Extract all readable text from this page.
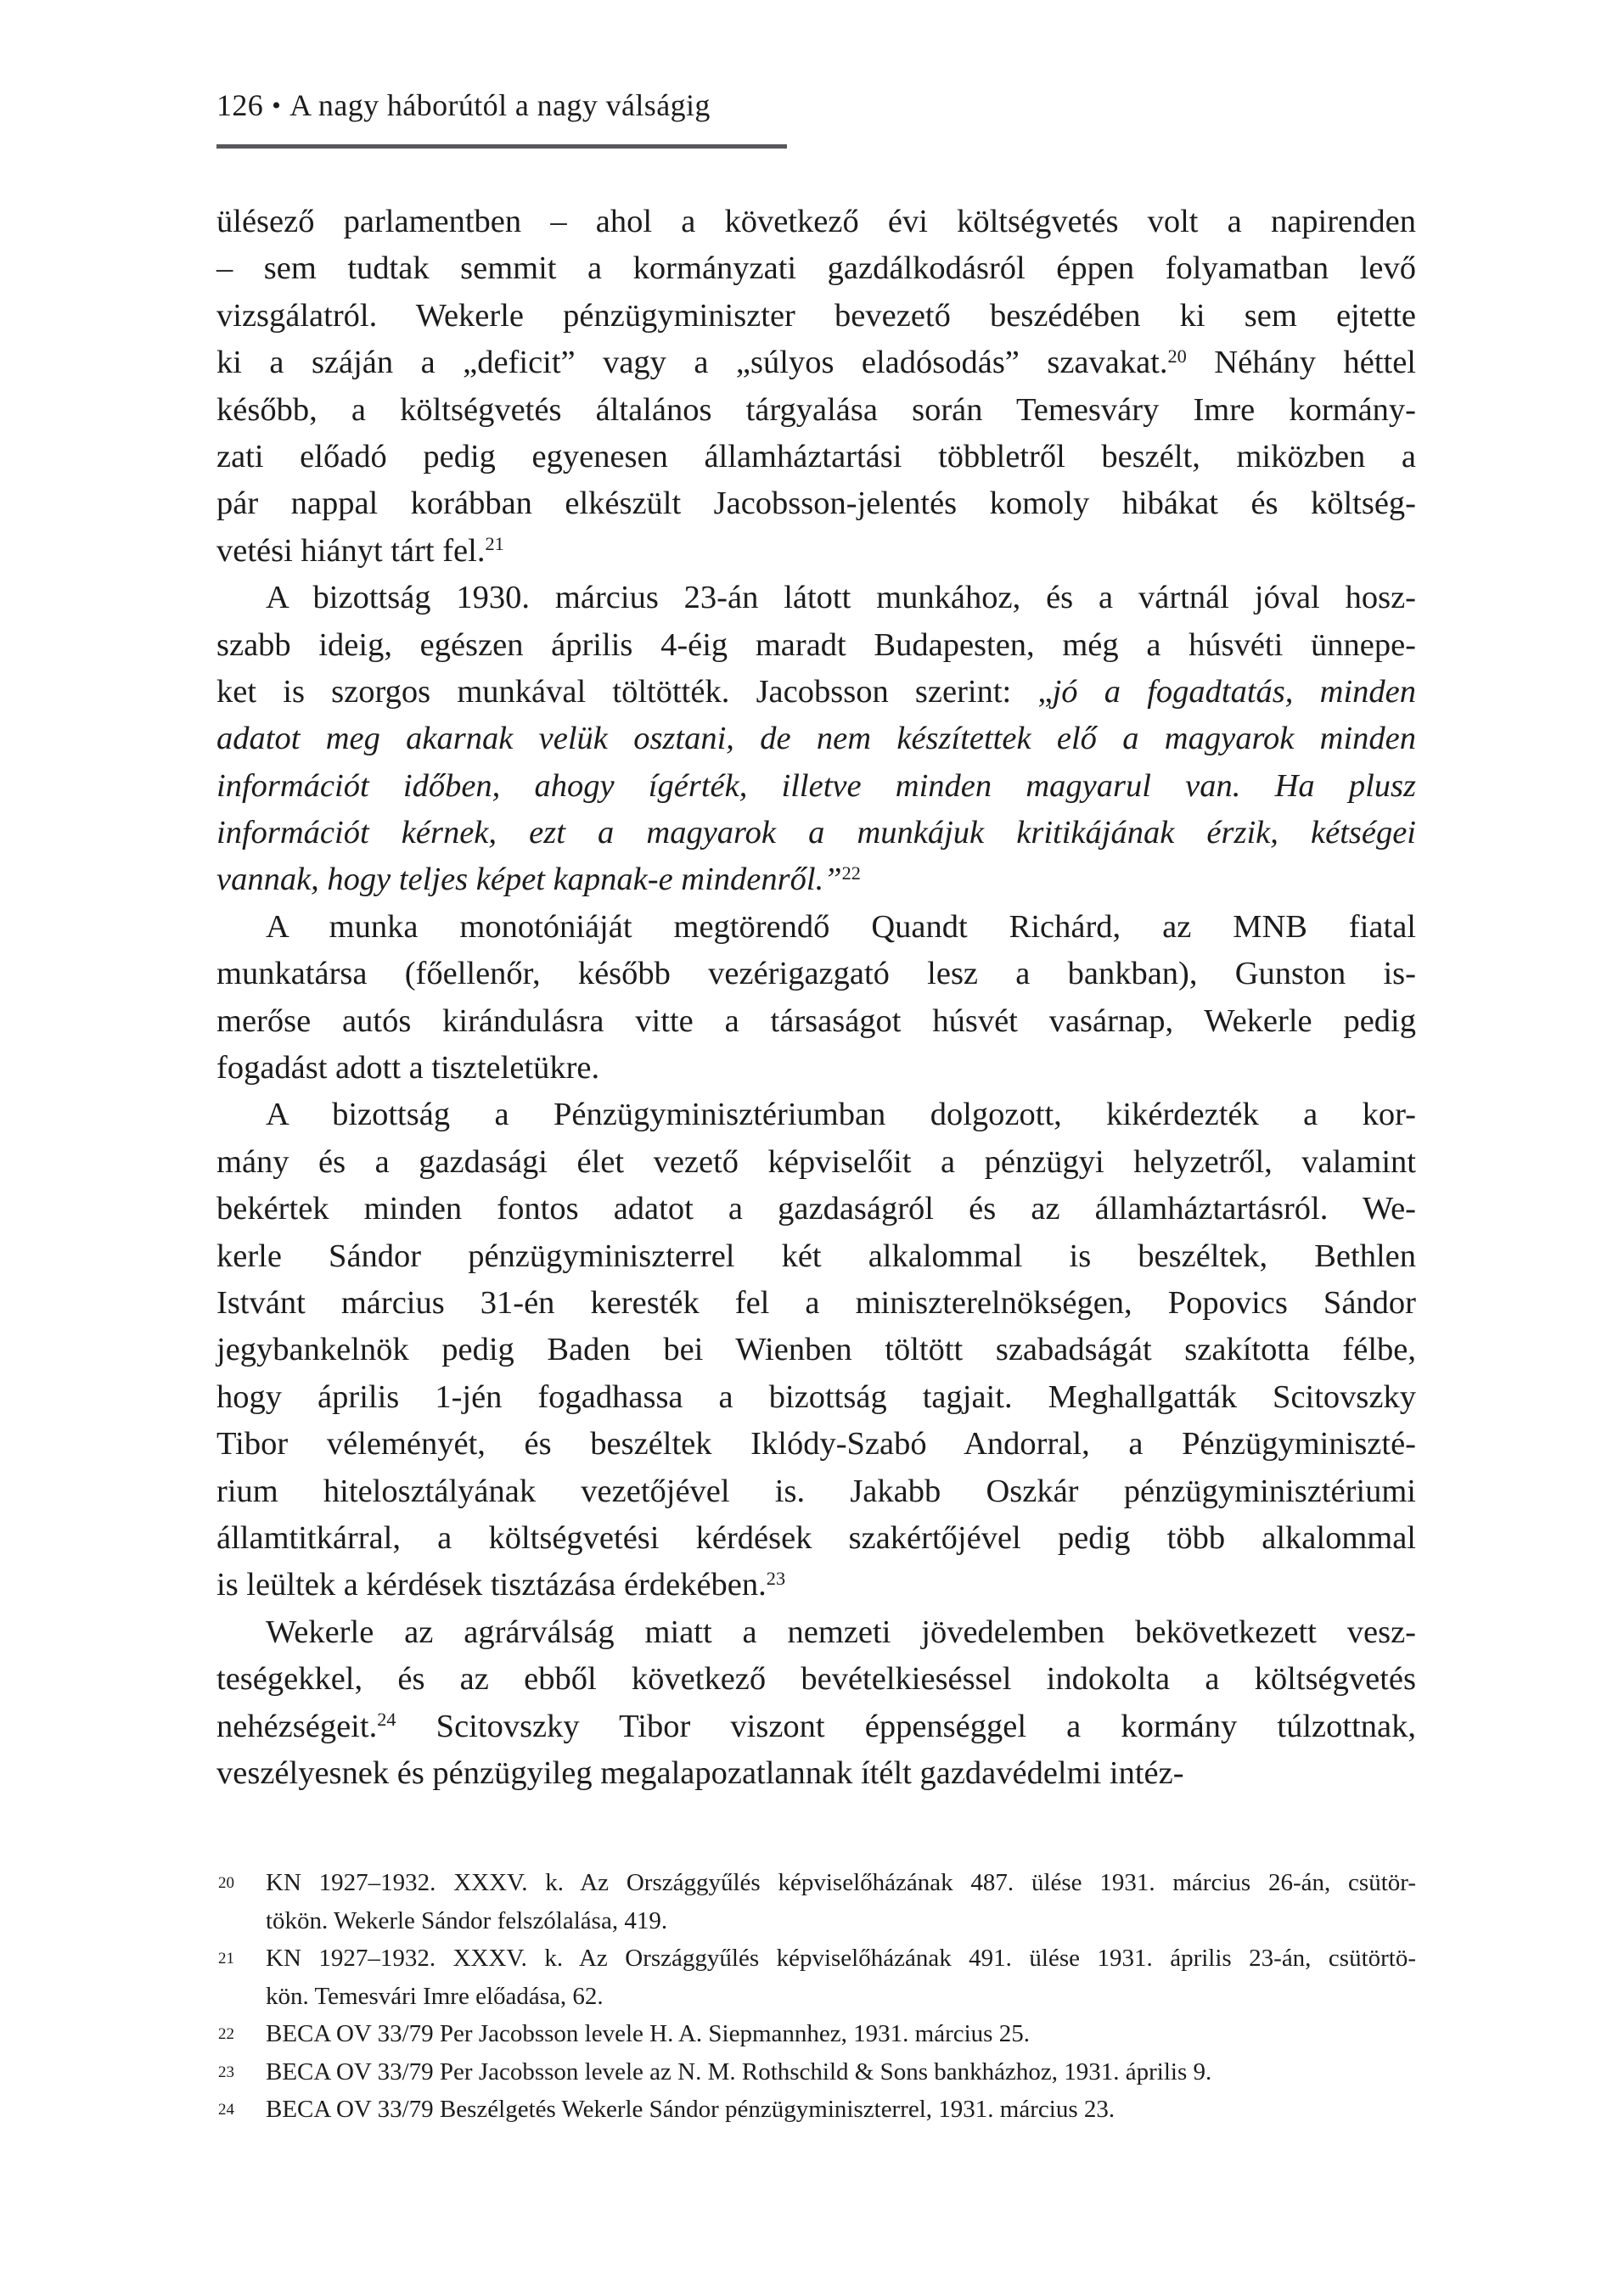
126 • A nagy háborútól a nagy válságig
ülésező parlamentben – ahol a következő évi költségvetés volt a napirenden
– sem tudtak semmit a kormányzati gazdálkodásról éppen folyamatban levő
vizsgálatról. Wekerle pénzügyminiszter bevezető beszédében ki sem ejtette
ki a száján a „deficit” vagy a „súlyos eladósodás” szavakat.$^{20}$ Néhány héttel
később, a költségvetés általános tárgyalása során Temesváry Imre kormány-
zati előadó pedig egyenesen államháztartási többletről beszélt, miközben a
pár nappal korábban elkészült Jacobsson-jelentés komoly hibákat és költség-
vetési hiányt tárt fel.$^{21}$
A bizottság 1930. március 23-án látott munkához, és a vártnál jóval hosz-
szabb ideig, egészen április 4-éig maradt Budapesten, még a húsvéti ünnepe-
ket is szorgos munkával töltötték. Jacobsson szerint: „jó a fogadtatás, minden
adatot meg akarnak velük osztani, de nem készítettek elő a magyarok minden
információt időben, ahogy ígérték, illetve minden magyarul van. Ha plusz
információt kérnek, ezt a magyarok a munkájuk kritikájának érzik, kétségei
vannak, hogy teljes képet kapnak-e mindenről.”$^{22}$
A munka monotóniáját megtörendő Quandt Richárd, az MNB fiatal
munkatársa (főellenőr, később vezérigazgató lesz a bankban), Gunston is-
merőse autós kirándulásra vitte a társaságot húsvét vasárnap, Wekerle pedig
fogadást adott a tiszteletükre.
A bizottság a Pénzügyminisztériumban dolgozott, kikérdezték a kor-
mány és a gazdasági élet vezető képviselőit a pénzügyi helyzetről, valamint
bekértek minden fontos adatot a gazdaságról és az államháztartásról. We-
kerle Sándor pénzügyminiszterrel két alkalommal is beszéltek, Bethlen
Istvánt március 31-én keresték fel a miniszterelnökségen, Popovics Sándor
jegybankelnök pedig Baden bei Wienben töltött szabadságát szakította félbe,
hogy április 1-jén fogadhassa a bizottság tagjait. Meghallgatták Scitovszky
Tibor véleményét, és beszéltek Iklódy-Szabó Andorral, a Pénzügyminiszté-
rium hitelosztályának vezetőjével is. Jakabb Oszkár pénzügyminisztériumi
államtitkárral, a költségvetési kérdések szakértőjével pedig több alkalommal
is leültek a kérdések tisztázása érdekében.$^{23}$
Wekerle az agrárválság miatt a nemzeti jövedelemben bekövetkezett vesz-
teségekkel, és az ebből következő bevételkieséssel indokolta a költségvetés
nehézségeit.$^{24}$ Scitovszky Tibor viszont éppenséggel a kormány túlzottnak,
veszélyesnek és pénzügyileg megalapozatlannak ítélt gazdavédelmi intéz-
20 KN 1927–1932. XXXV. k. Az Országgyűlés képviselőházának 487. ülése 1931. március 26-án, csütör-
tökön. Wekerle Sándor felszólalása, 419.
21 KN 1927–1932. XXXV. k. Az Országgyűlés képviselőházának 491. ülése 1931. április 23-án, csütörtö-
kön. Temesvári Imre előadása, 62.
22 BECA OV 33/79 Per Jacobsson levele H. A. Siepmannhez, 1931. március 25.
23 BECA OV 33/79 Per Jacobsson levele az N. M. Rothschild & Sons bankházhoz, 1931. április 9.
24 BECA OV 33/79 Beszélgetés Wekerle Sándor pénzügyminiszterrel, 1931. március 23.
